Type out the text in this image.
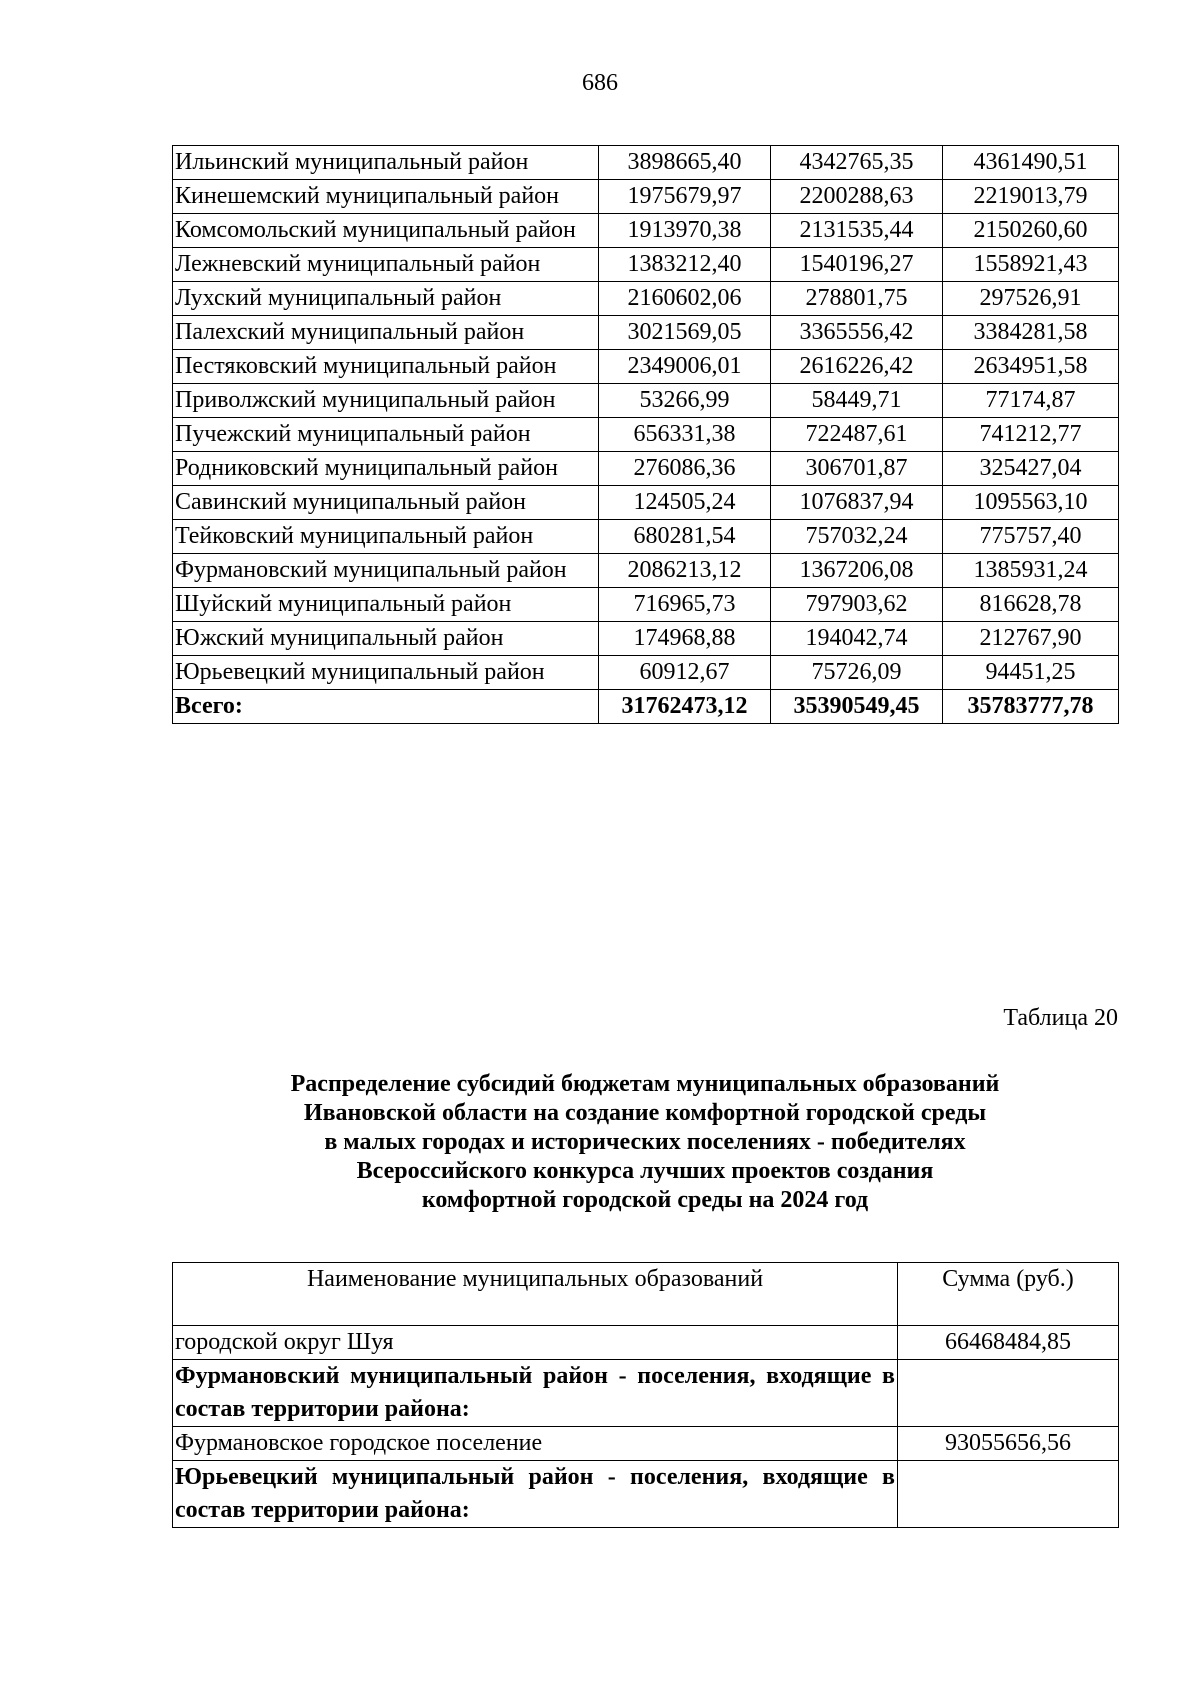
686
Ильинский муниципальный район	3898665,40	4342765,35	4361490,51
Кинешемский муниципальный район	1975679,97	2200288,63	2219013,79
Комсомольский муниципальный район	1913970,38	2131535,44	2150260,60
Лежневский муниципальный район	1383212,40	1540196,27	1558921,43
Лухский муниципальный район	2160602,06	278801,75	297526,91
Палехский муниципальный район	3021569,05	3365556,42	3384281,58
Пестяковский муниципальный район	2349006,01	2616226,42	2634951,58
Приволжский муниципальный район	53266,99	58449,71	77174,87
Пучежский муниципальный район	656331,38	722487,61	741212,77
Родниковский муниципальный район	276086,36	306701,87	325427,04
Савинский муниципальный район	124505,24	1076837,94	1095563,10
Тейковский муниципальный район	680281,54	757032,24	775757,40
Фурмановский муниципальный район	2086213,12	1367206,08	1385931,24
Шуйский муниципальный район	716965,73	797903,62	816628,78
Южский муниципальный район	174968,88	194042,74	212767,90
Юрьевецкий муниципальный район	60912,67	75726,09	94451,25
Всего:	31762473,12	35390549,45	35783777,78
Таблица 20
Распределение субсидий бюджетам муниципальных образований
Ивановской области на создание комфортной городской среды
в малых городах и исторических поселениях - победителях
Всероссийского конкурса лучших проектов создания
комфортной городской среды на 2024 год
Наименование муниципальных образований	Сумма (руб.)
городской округ Шуя	66468484,85
Фурмановский муниципальный район - поселения, входящие в состав территории района:	
Фурмановское городское поселение	93055656,56
Юрьевецкий муниципальный район - поселения, входящие в состав территории района:	
